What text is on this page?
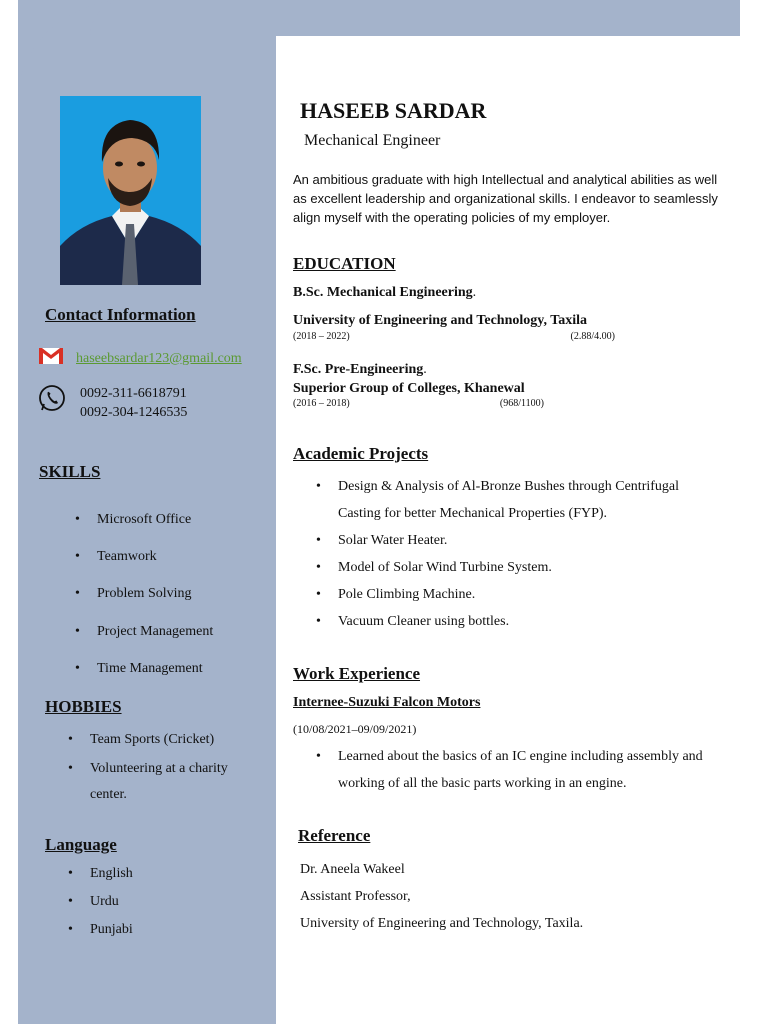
Contact Information
haseebsardar123@gmail.com
0092-311-6618791
0092-304-1246535
SKILLS
• Microsoft Office
• Teamwork
• Problem Solving
• Project Management
• Time Management
HOBBIES
• Team Sports (Cricket)
• Volunteering at a charity center.
Language
• English
• Urdu
• Punjabi
HASEEB SARDAR
Mechanical Engineer
An ambitious graduate with high Intellectual and analytical abilities as well as excellent leadership and organizational skills. I endeavor to seamlessly align myself with the operating policies of my employer.
EDUCATION
B.Sc. Mechanical Engineering.
University of Engineering and Technology, Taxila
(2018 – 2022)	(2.88/4.00)
F.Sc. Pre-Engineering.
Superior Group of Colleges, Khanewal
(2016 – 2018)	(968/1100)
Academic Projects
• Design & Analysis of Al-Bronze Bushes through Centrifugal Casting for better Mechanical Properties (FYP).
• Solar Water Heater.
• Model of Solar Wind Turbine System.
• Pole Climbing Machine.
• Vacuum Cleaner using bottles.
Work Experience
Internee-Suzuki Falcon Motors
(10/08/2021–09/09/2021)
• Learned about the basics of an IC engine including assembly and working of all the basic parts working in an engine.
Reference
Dr. Aneela Wakeel
Assistant Professor,
University of Engineering and Technology, Taxila.
